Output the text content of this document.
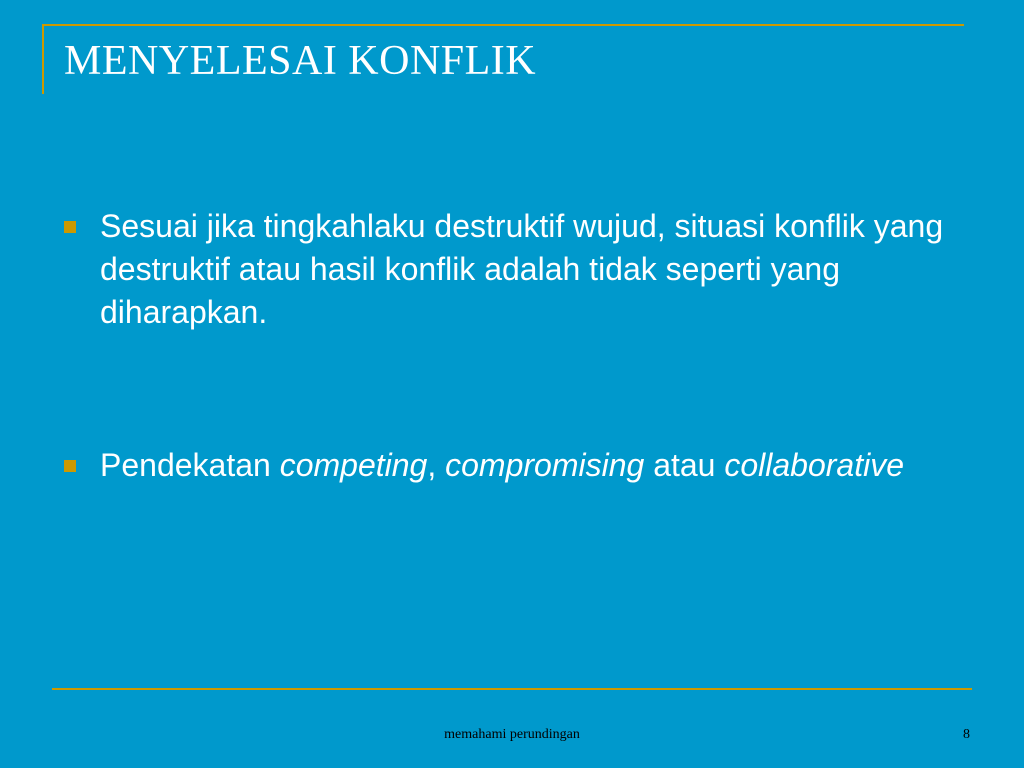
MENYELESAI KONFLIK
Sesuai jika tingkahlaku destruktif wujud, situasi konflik yang destruktif atau hasil konflik adalah tidak seperti yang diharapkan.
Pendekatan competing, compromising atau collaborative
memahami perundingan	8
